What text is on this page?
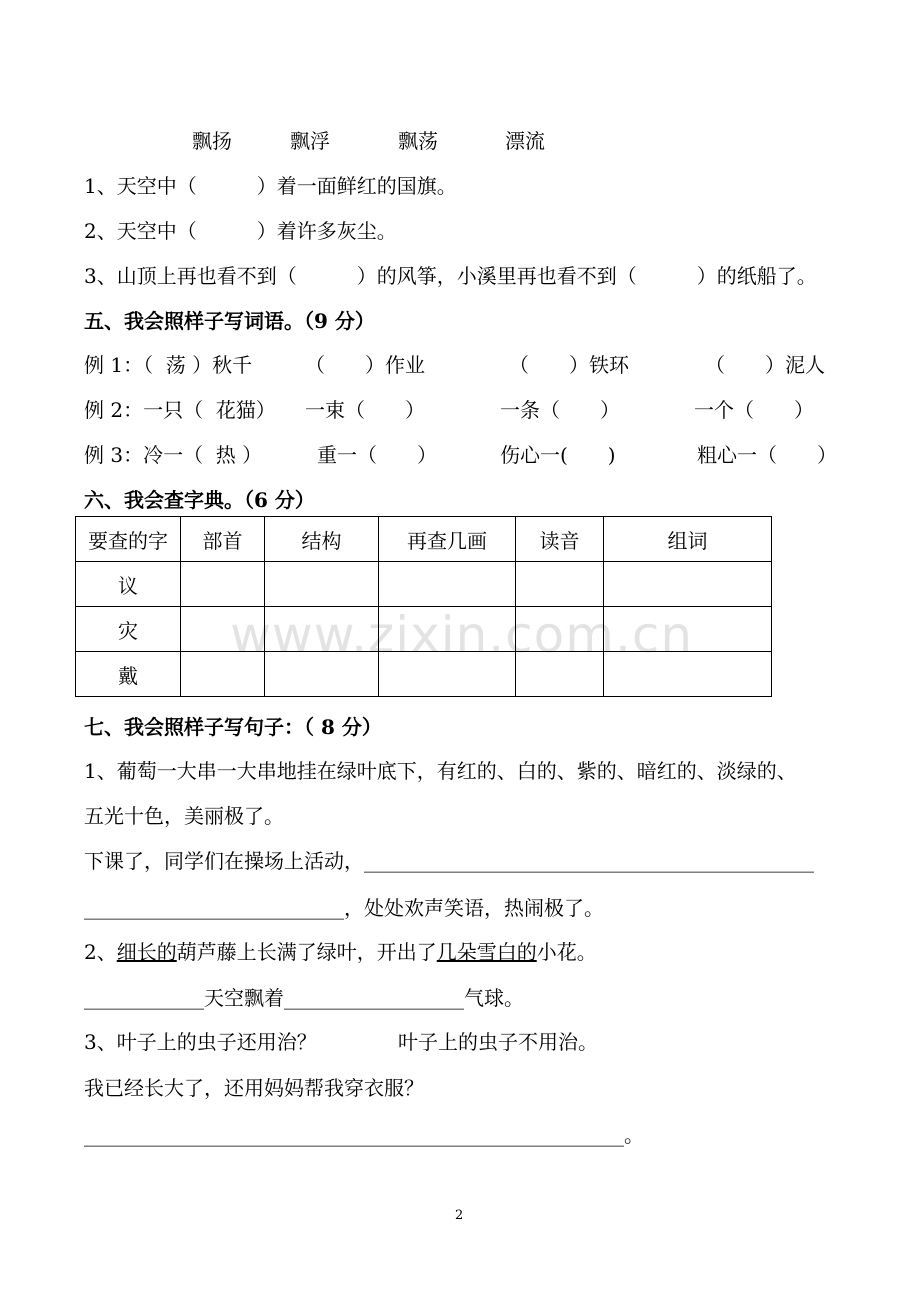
www.zixin.com.cn
飘扬	飘浮	飘荡	漂流
1、天空中（　　　）着一面鲜红的国旗。
2、天空中（　　　）着许多灰尘。
3、山顶上再也看不到（　　　）的风筝，小溪里再也看不到（　　　）的纸船了。
五、我会照样子写词语。（9 分）
例 1：（  荡 ）秋千	（　　）作业	（　　）铁环	（　　）泥人
例 2：一只（  花猫） 一束（　　）	一条（　　）	一个（　　）
例 3：冷一（  热 ）	重一（　　）	伤心一(　　)	粗心一（　　）
六、我会查字典。（6 分）
要查的字	部首	结构	再查几画	读音	组词
议					
灾					
戴					
七、我会照样子写句子：（ 8 分）
1、葡萄一大串一大串地挂在绿叶底下，有红的、白的、紫的、暗红的、淡绿的、
五光十色，美丽极了。
下课了，同学们在操场上活动，_____________________________________________
__________________________，处处欢声笑语，热闹极了。
2、细长的葫芦藤上长满了绿叶，开出了几朵雪白的小花。
____________天空飘着__________________气球。
3、叶子上的虫子还用治？	叶子上的虫子不用治。
我已经长大了，还用妈妈帮我穿衣服？
______________________________________________________。
2
